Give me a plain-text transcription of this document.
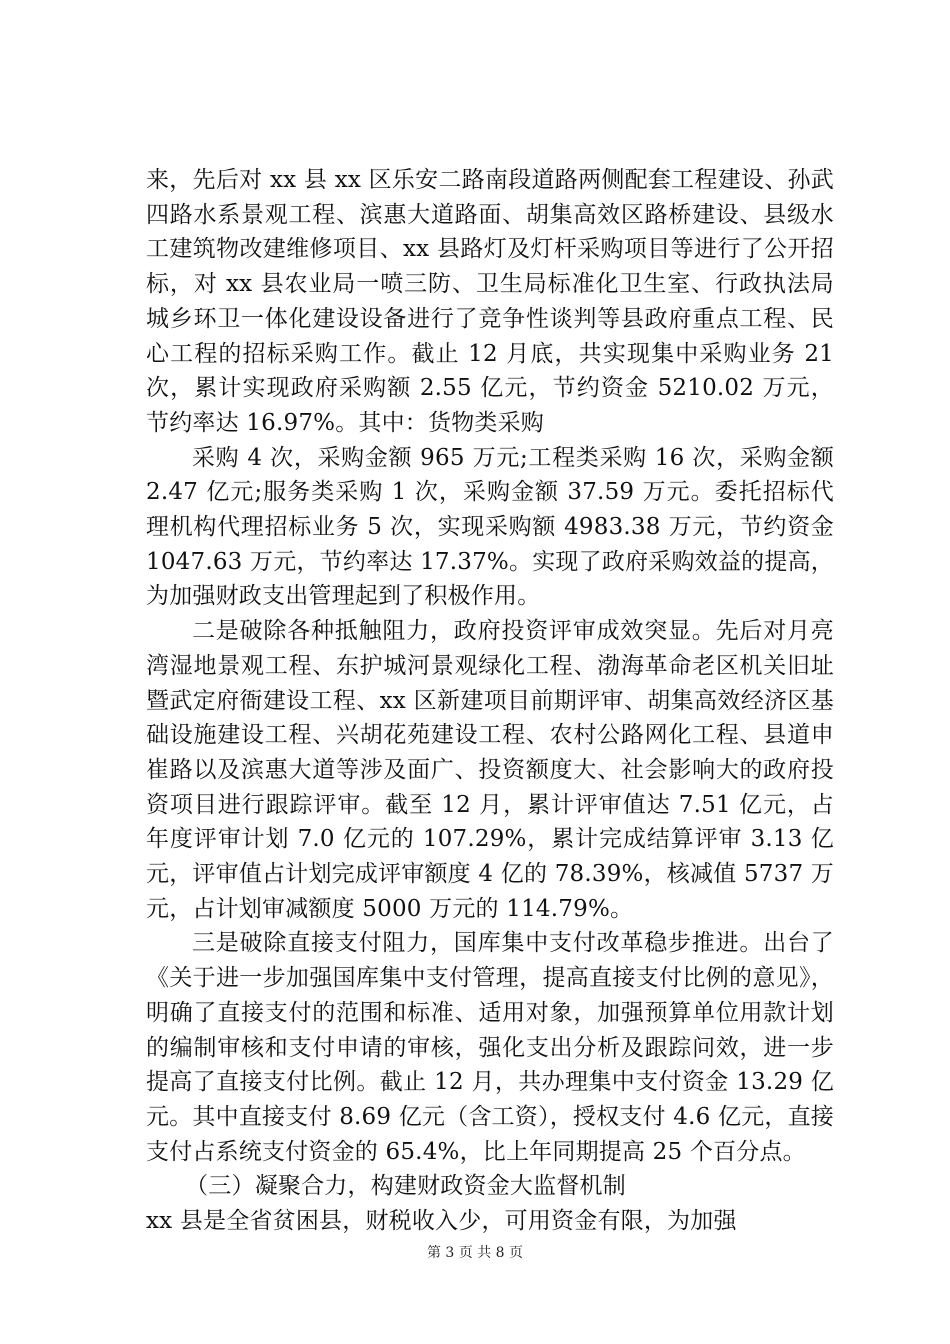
来，先后对 xx 县 xx 区乐安二路南段道路两侧配套工程建设、孙武四路水系景观工程、滨惠大道路面、胡集高效区路桥建设、县级水工建筑物改建维修项目、xx 县路灯及灯杆采购项目等进行了公开招标，对 xx 县农业局一喷三防、卫生局标准化卫生室、行政执法局城乡环卫一体化建设设备进行了竞争性谈判等县政府重点工程、民心工程的招标采购工作。截止 12 月底，共实现集中采购业务 21 次，累计实现政府采购额 2.55 亿元，节约资金 5210.02 万元，节约率达 16.97%。其中：货物类采购

采购 4 次，采购金额 965 万元;工程类采购 16 次，采购金额 2.47 亿元;服务类采购 1 次，采购金额 37.59 万元。委托招标代理机构代理招标业务 5 次，实现采购额 4983.38 万元，节约资金 1047.63 万元，节约率达 17.37%。实现了政府采购效益的提高，为加强财政支出管理起到了积极作用。

二是破除各种抵触阻力，政府投资评审成效突显。先后对月亮湾湿地景观工程、东护城河景观绿化工程、渤海革命老区机关旧址暨武定府衙建设工程、xx 区新建项目前期评审、胡集高效经济区基础设施建设工程、兴胡花苑建设工程、农村公路网化工程、县道申崔路以及滨惠大道等涉及面广、投资额度大、社会影响大的政府投资项目进行跟踪评审。截至 12 月，累计评审值达 7.51 亿元，占年度评审计划 7.0 亿元的 107.29%，累计完成结算评审 3.13 亿元，评审值占计划完成评审额度 4 亿的 78.39%，核减值 5737 万元，占计划审减额度 5000 万元的 114.79%。

三是破除直接支付阻力，国库集中支付改革稳步推进。出台了《关于进一步加强国库集中支付管理，提高直接支付比例的意见》，明确了直接支付的范围和标准、适用对象，加强预算单位用款计划的编制审核和支付申请的审核，强化支出分析及跟踪问效，进一步提高了直接支付比例。截止 12 月，共办理集中支付资金 13.29 亿元。其中直接支付 8.69 亿元（含工资），授权支付 4.6 亿元，直接支付占系统支付资金的 65.4%，比上年同期提高 25 个百分点。

（三）凝聚合力，构建财政资金大监督机制

xx 县是全省贫困县，财税收入少，可用资金有限，为加强

第 3 页 共 8 页
